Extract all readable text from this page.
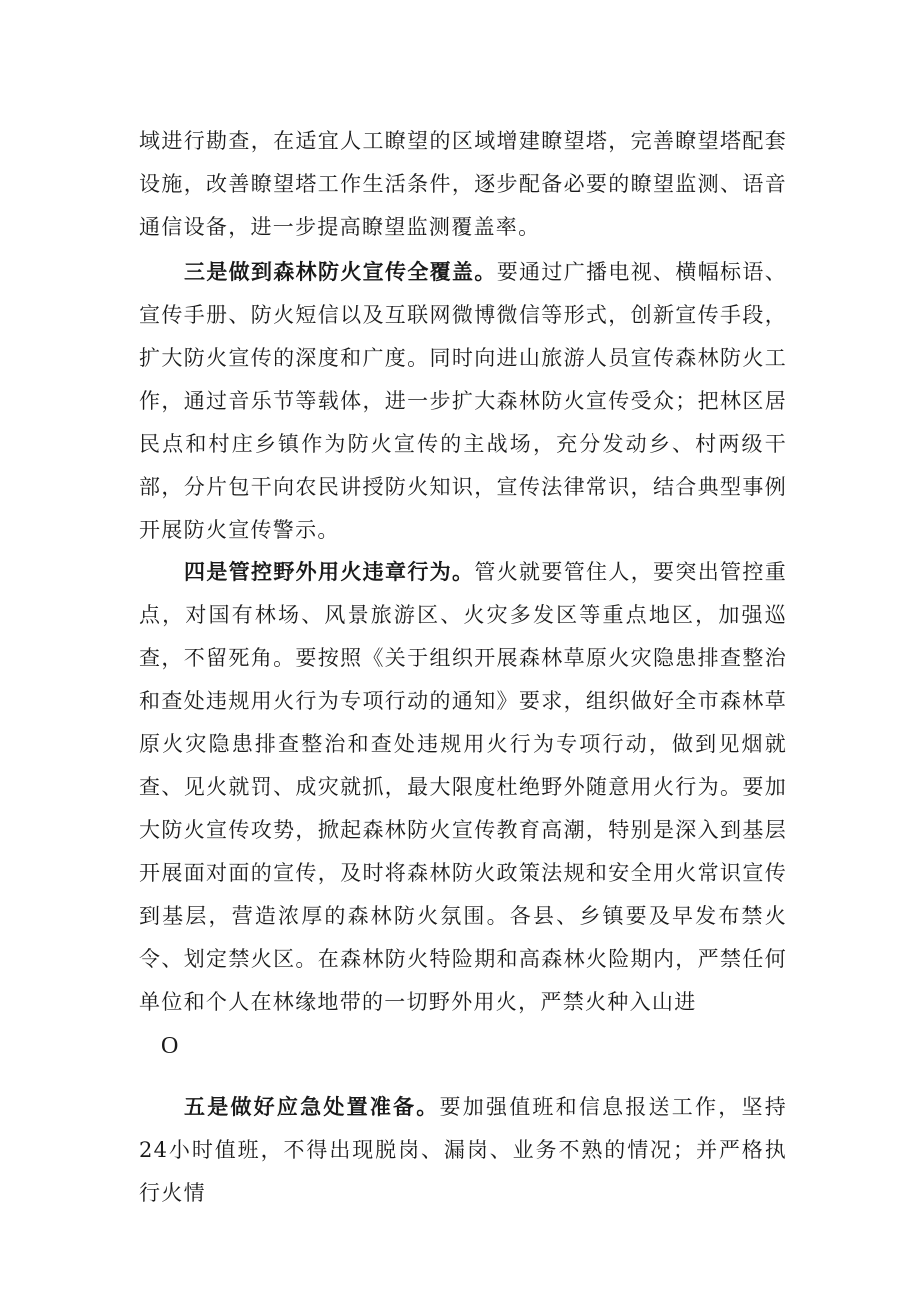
域进行勘查，在适宜人工瞭望的区域增建瞭望塔，完善瞭望塔配套设施，改善瞭望塔工作生活条件，逐步配备必要的瞭望监测、语音通信设备，进一步提高瞭望监测覆盖率。

三是做到森林防火宣传全覆盖。要通过广播电视、横幅标语、宣传手册、防火短信以及互联网微博微信等形式，创新宣传手段，扩大防火宣传的深度和广度。同时向进山旅游人员宣传森林防火工作，通过音乐节等载体，进一步扩大森林防火宣传受众；把林区居民点和村庄乡镇作为防火宣传的主战场，充分发动乡、村两级干部，分片包干向农民讲授防火知识，宣传法律常识，结合典型事例开展防火宣传警示。

四是管控野外用火违章行为。管火就要管住人，要突出管控重点，对国有林场、风景旅游区、火灾多发区等重点地区，加强巡查，不留死角。要按照《关于组织开展森林草原火灾隐患排查整治和查处违规用火行为专项行动的通知》要求，组织做好全市森林草原火灾隐患排查整治和查处违规用火行为专项行动，做到见烟就查、见火就罚、成灾就抓，最大限度杜绝野外随意用火行为。要加大防火宣传攻势，掀起森林防火宣传教育高潮，特别是深入到基层开展面对面的宣传，及时将森林防火政策法规和安全用火常识宣传到基层，营造浓厚的森林防火氛围。各县、乡镇要及早发布禁火令、划定禁火区。在森林防火特险期和高森林火险期内，严禁任何单位和个人在林缘地带的一切野外用火，严禁火种入山进

O

五是做好应急处置准备。要加强值班和信息报送工作，坚持24小时值班，不得出现脱岗、漏岗、业务不熟的情况；并严格执行火情
